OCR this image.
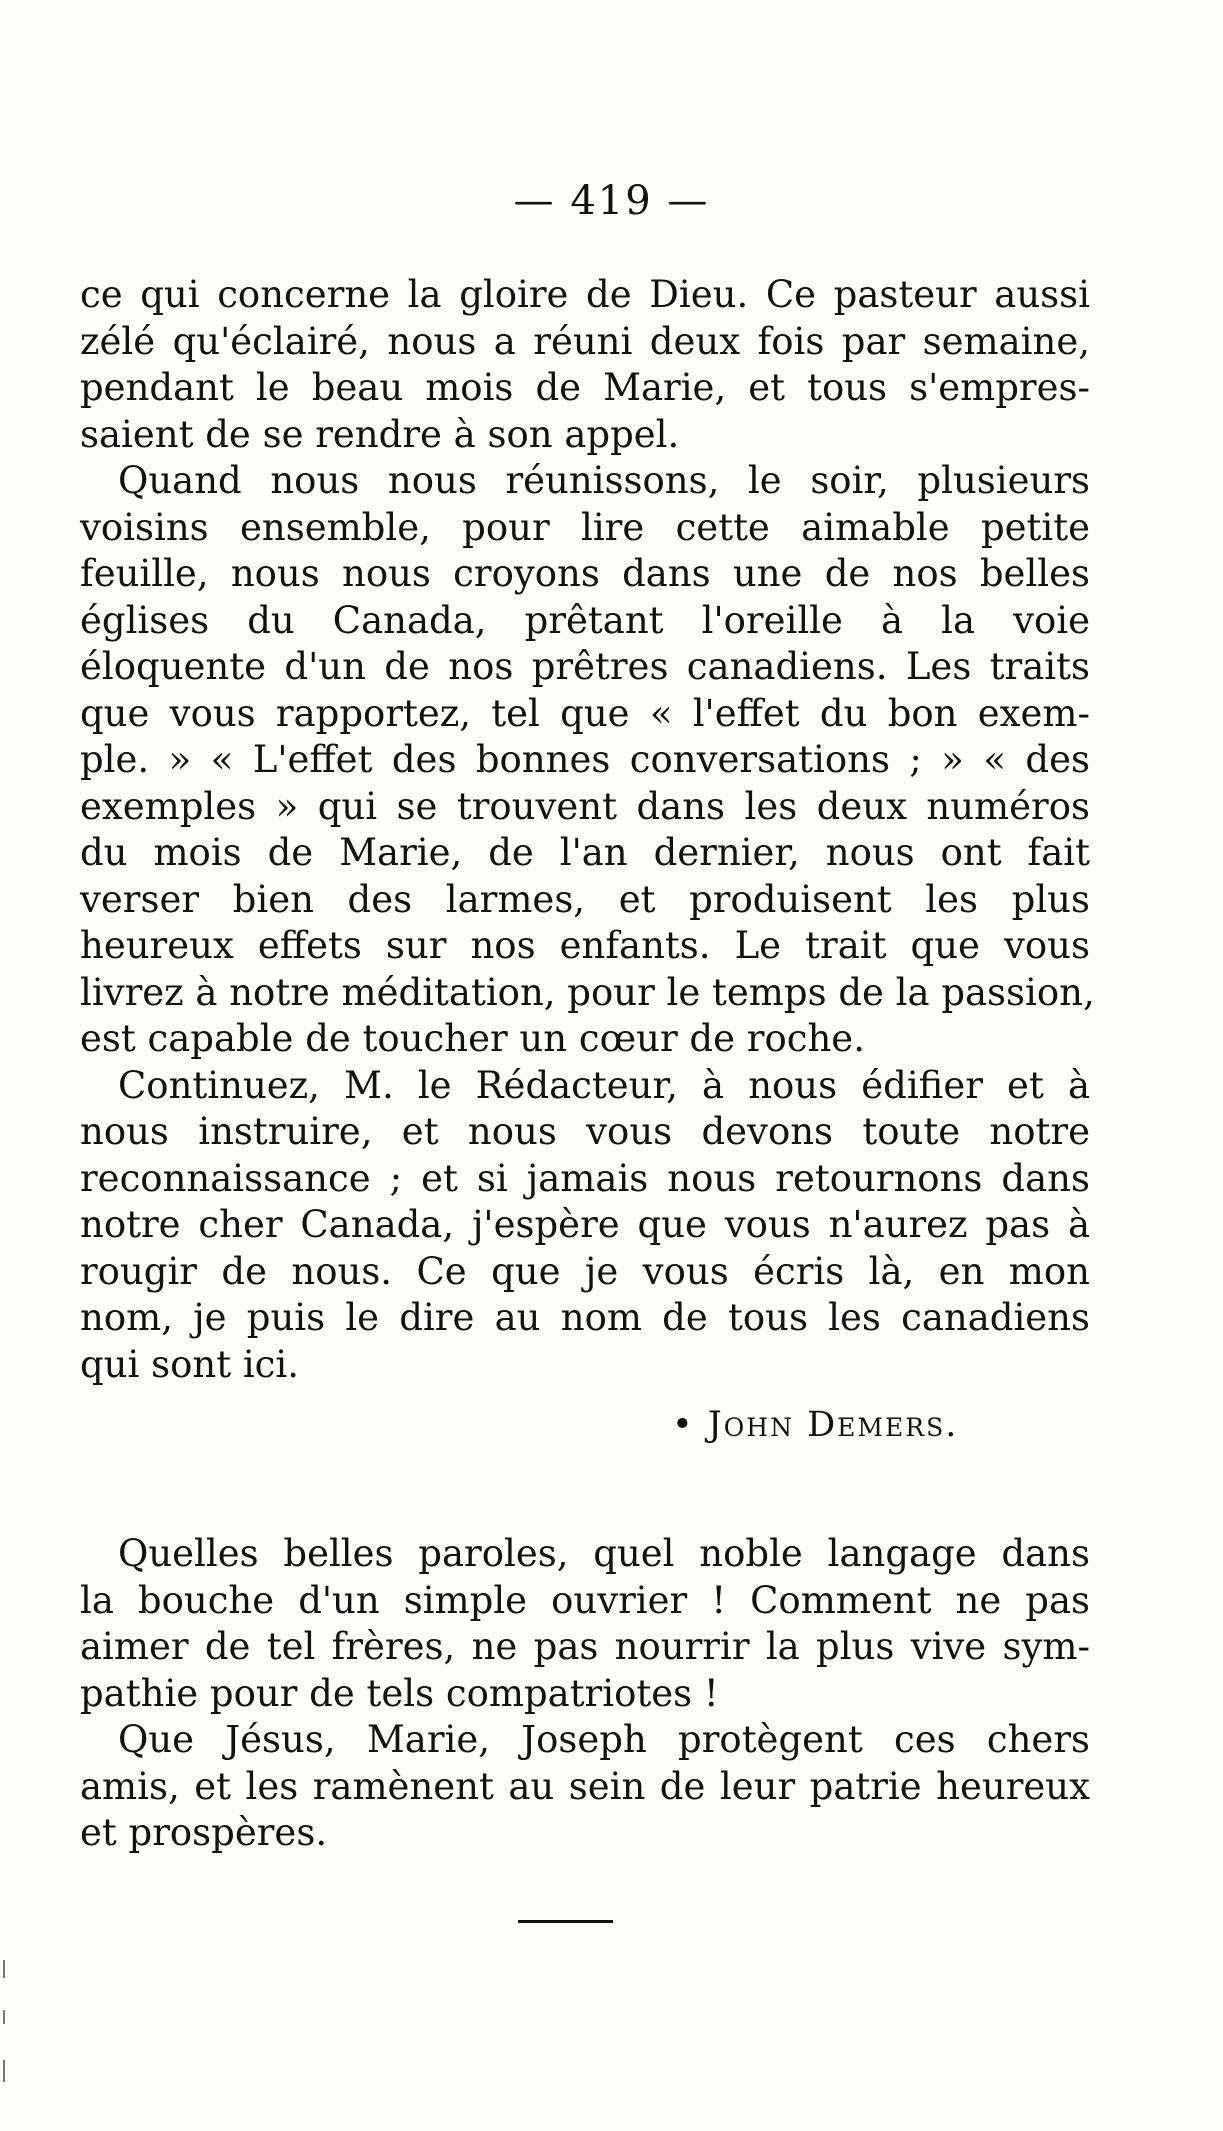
— 419 —
ce qui concerne la gloire de Dieu. Ce pasteur aussi
zélé qu'éclairé, nous a réuni deux fois par semaine,
pendant le beau mois de Marie, et tous s'empres-
saient de se rendre à son appel.
Quand nous nous réunissons, le soir, plusieurs
voisins ensemble, pour lire cette aimable petite
feuille, nous nous croyons dans une de nos belles
églises du Canada, prêtant l'oreille à la voie
éloquente d'un de nos prêtres canadiens. Les traits
que vous rapportez, tel que « l'effet du bon exem-
ple. » « L'effet des bonnes conversations ; » « des
exemples » qui se trouvent dans les deux numéros
du mois de Marie, de l'an dernier, nous ont fait
verser bien des larmes, et produisent les plus
heureux effets sur nos enfants. Le trait que vous
livrez à notre méditation, pour le temps de la passion,
est capable de toucher un cœur de roche.
Continuez, M. le Rédacteur, à nous édifier et à
nous instruire, et nous vous devons toute notre
reconnaissance ; et si jamais nous retournons dans
notre cher Canada, j'espère que vous n'aurez pas à
rougir de nous. Ce que je vous écris là, en mon
nom, je puis le dire au nom de tous les canadiens
qui sont ici.
• John Demers.
Quelles belles paroles, quel noble langage dans
la bouche d'un simple ouvrier ! Comment ne pas
aimer de tel frères, ne pas nourrir la plus vive sym-
pathie pour de tels compatriotes !
Que Jésus, Marie, Joseph protègent ces chers
amis, et les ramènent au sein de leur patrie heureux
et prospères.
